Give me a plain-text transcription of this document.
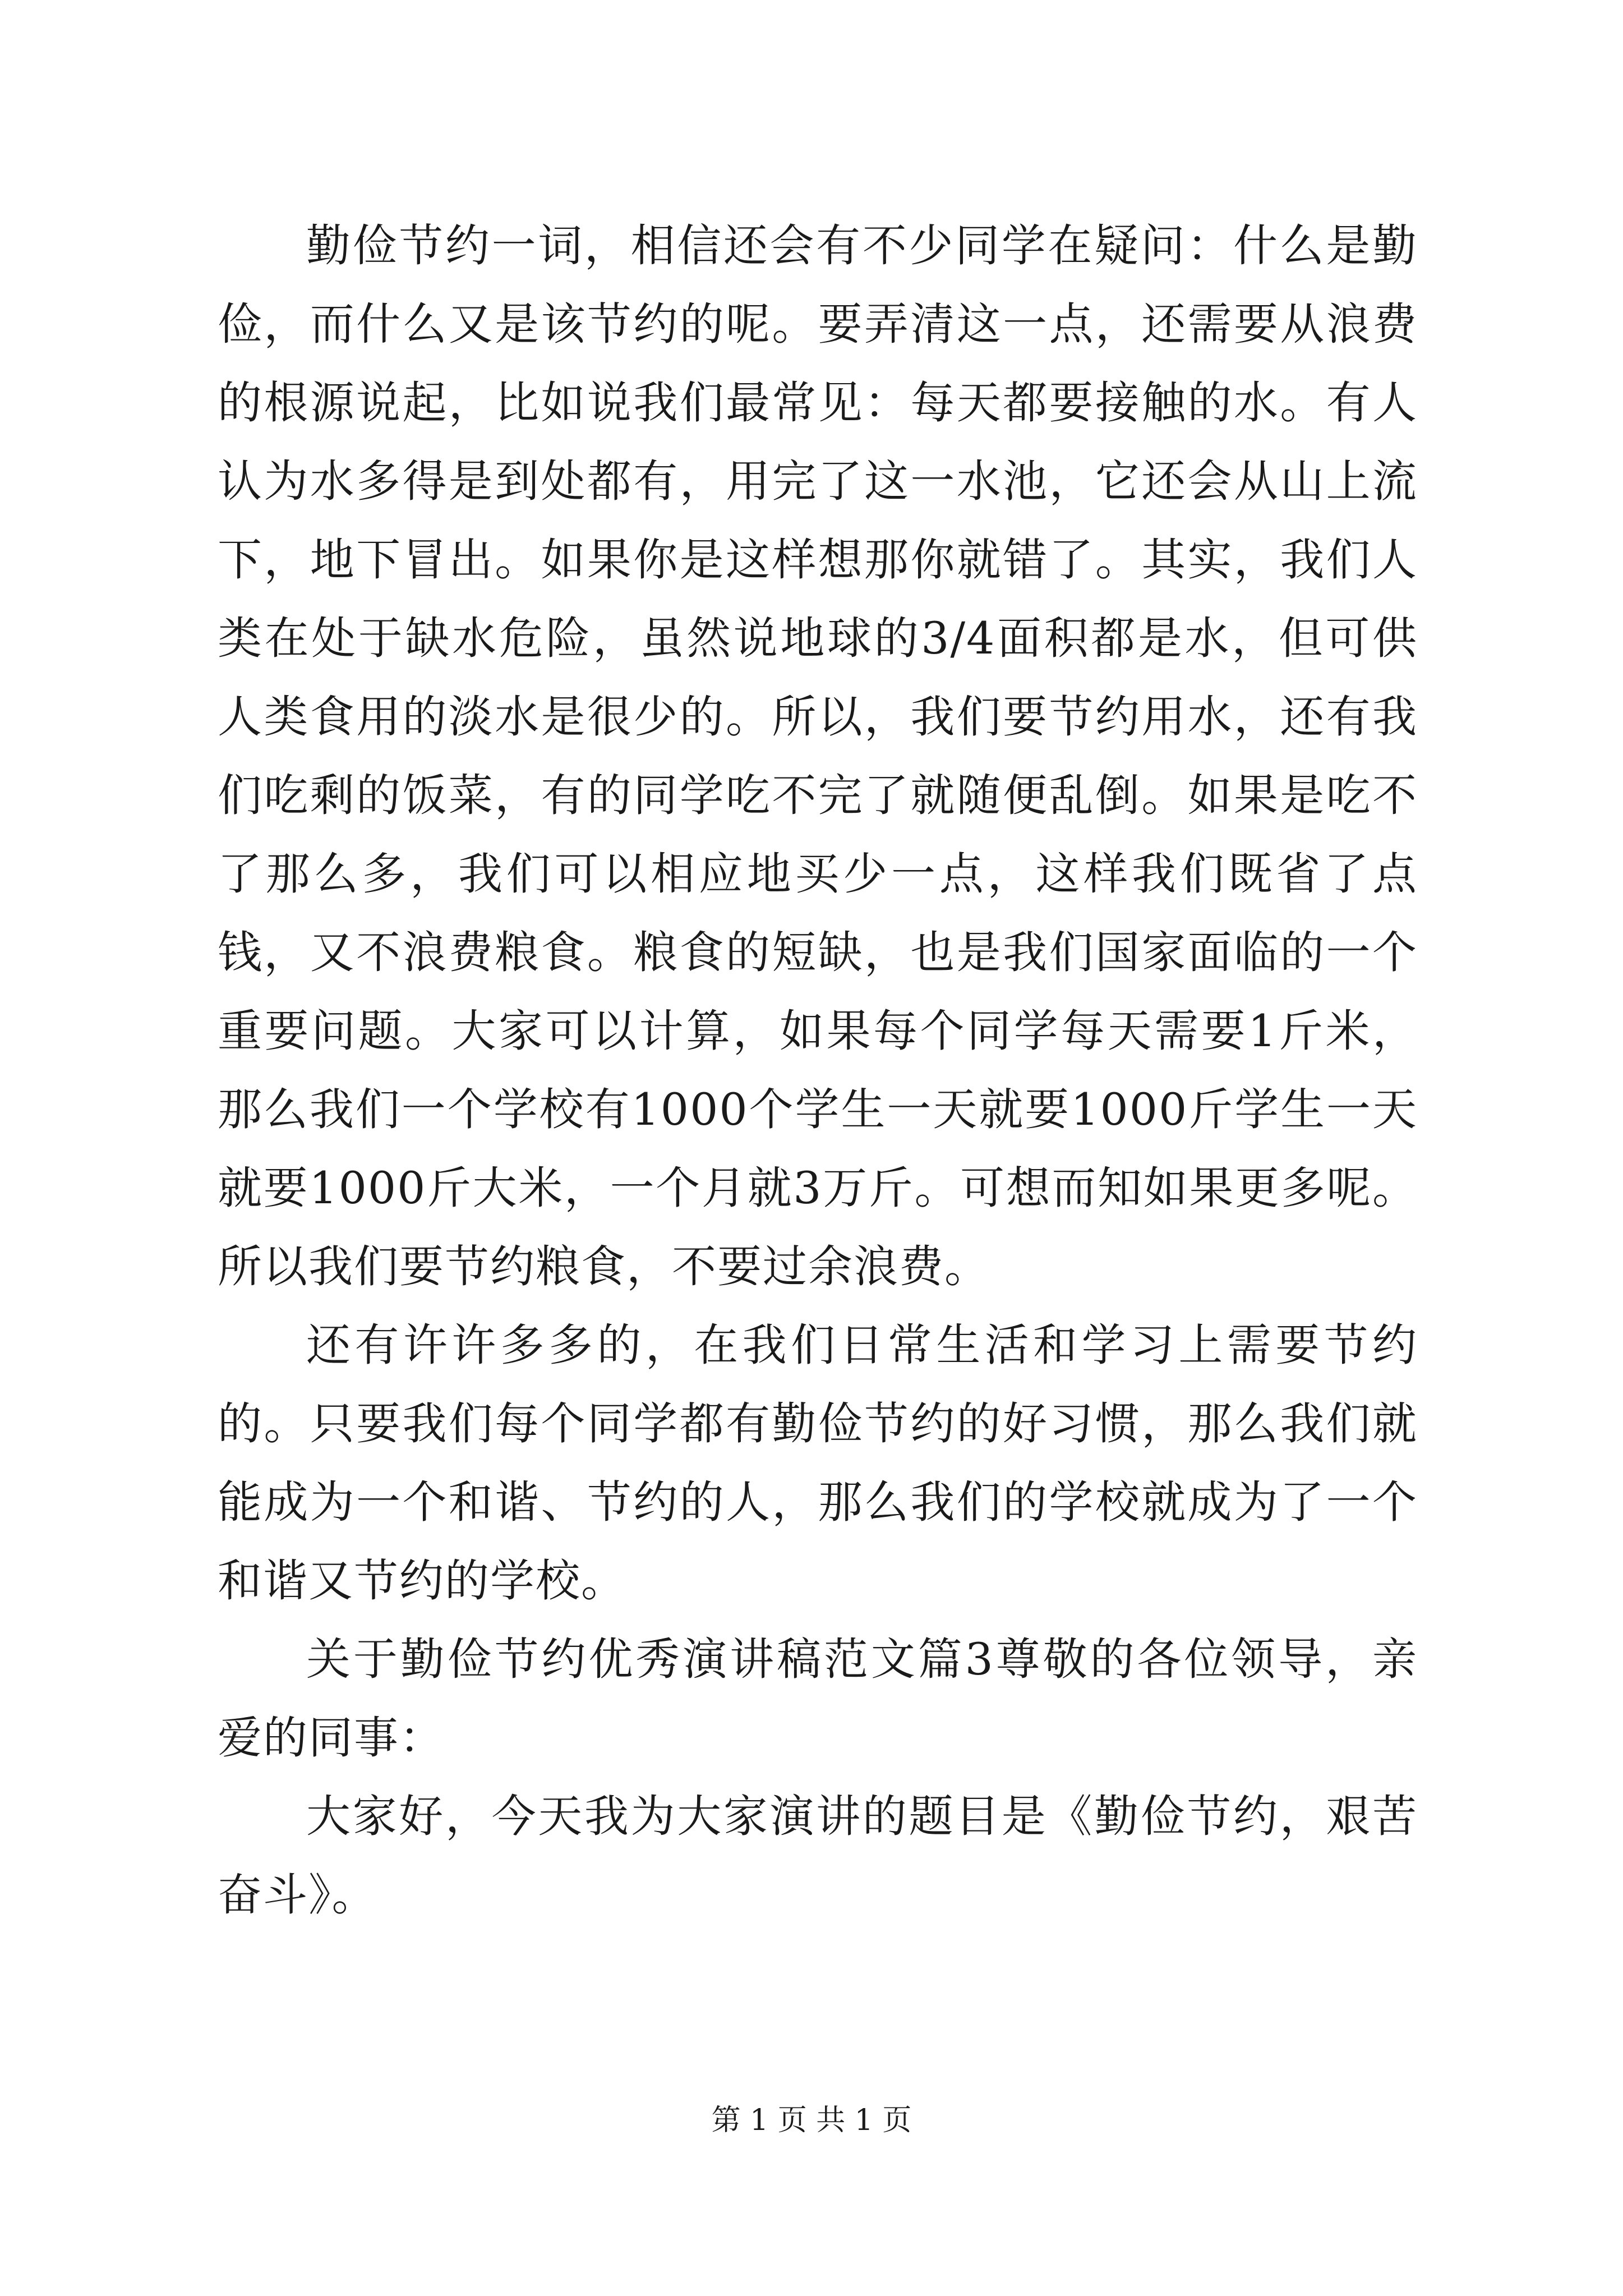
勤俭节约一词，相信还会有不少同学在疑问：什么是勤俭，而什么又是该节约的呢。要弄清这一点，还需要从浪费的根源说起，比如说我们最常见：每天都要接触的水。有人认为水多得是到处都有，用完了这一水池，它还会从山上流下，地下冒出。如果你是这样想那你就错了。其实，我们人类在处于缺水危险，虽然说地球的3/4面积都是水，但可供人类食用的淡水是很少的。所以，我们要节约用水，还有我们吃剩的饭菜，有的同学吃不完了就随便乱倒。如果是吃不了那么多，我们可以相应地买少一点，这样我们既省了点钱，又不浪费粮食。粮食的短缺，也是我们国家面临的一个重要问题。大家可以计算，如果每个同学每天需要1斤米，那么我们一个学校有1000个学生一天就要1000斤学生一天就要1000斤大米，一个月就3万斤。可想而知如果更多呢。所以我们要节约粮食，不要过余浪费。

还有许许多多的，在我们日常生活和学习上需要节约的。只要我们每个同学都有勤俭节约的好习惯，那么我们就能成为一个和谐、节约的人，那么我们的学校就成为了一个和谐又节约的学校。

关于勤俭节约优秀演讲稿范文篇3尊敬的各位领导，亲爱的同事：

大家好，今天我为大家演讲的题目是《勤俭节约，艰苦奋斗》。

第 1 页 共 1 页
